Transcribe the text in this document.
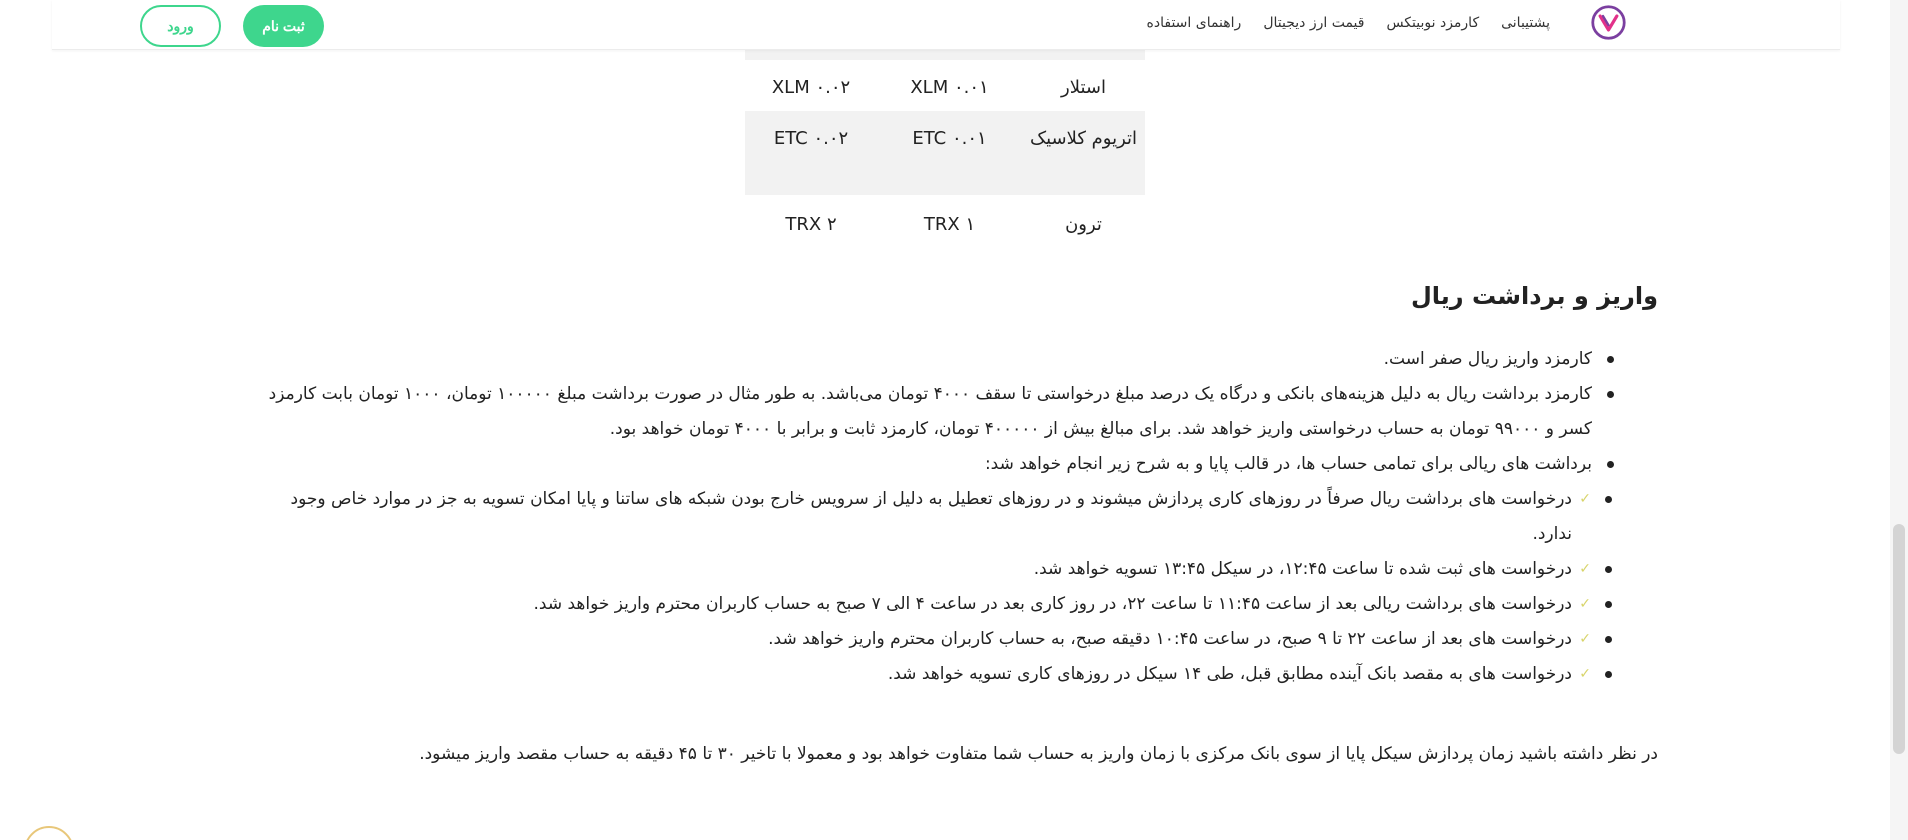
راهنمای استفاده قیمت ارز دیجیتال کارمزد نوبیتکس پشتیبانی
ثبت نام
ورود
استلار
۰.۰۱ XLM
۰.۰۲ XLM
اتریوم کلاسیک
۰.۰۱ ETC
۰.۰۲ ETC
ترون
۱ TRX
۲ TRX
واریز و برداشت ریال
کارمزد واریز ریال صفر است.
کارمزد برداشت ریال به دلیل هزینه‌های بانکی و درگاه یک درصد مبلغ درخواستی تا سقف ۴۰۰۰ تومان می‌باشد. به طور مثال در صورت برداشت مبلغ ۱۰۰۰۰۰ تومان، ۱۰۰۰ تومان بابت کارمزد کسر و ۹۹۰۰۰ تومان به حساب درخواستی واریز خواهد شد. برای مبالغ بیش از ۴۰۰۰۰۰ تومان، کارمزد ثابت و برابر با ۴۰۰۰ تومان خواهد بود.
برداشت های ریالی برای تمامی حساب ها، در قالب پایا و به شرح زیر انجام خواهد شد:
✓
درخواست های برداشت ریال صرفاً در روزهای کاری پردازش میشوند و در روزهای تعطیل به دلیل از سرویس خارج بودن شبکه های ساتنا و پایا امکان تسویه به جز در موارد خاص وجود ندارد.
✓
درخواست های ثبت شده تا ساعت ۱۲:۴۵، در سیکل ۱۳:۴۵ تسویه خواهد شد.
✓
درخواست های برداشت ریالی بعد از ساعت ۱۱:۴۵ تا ساعت ۲۲، در روز کاری بعد در ساعت ۴ الی ۷ صبح به حساب کاربران محترم واریز خواهد شد.
✓
درخواست های بعد از ساعت ۲۲ تا ۹ صبح، در ساعت ۱۰:۴۵ دقیقه صبح، به حساب کاربران محترم واریز خواهد شد.
✓
درخواست های به مقصد بانک آینده مطابق قبل، طی ۱۴ سیکل در روزهای کاری تسویه خواهد شد.

در نظر داشته باشید زمان پردازش سیکل پایا از سوی بانک مرکزی با زمان واریز به حساب شما متفاوت خواهد بود و معمولا با تاخیر ۳۰ تا ۴۵ دقیقه به حساب مقصد واریز میشود.
